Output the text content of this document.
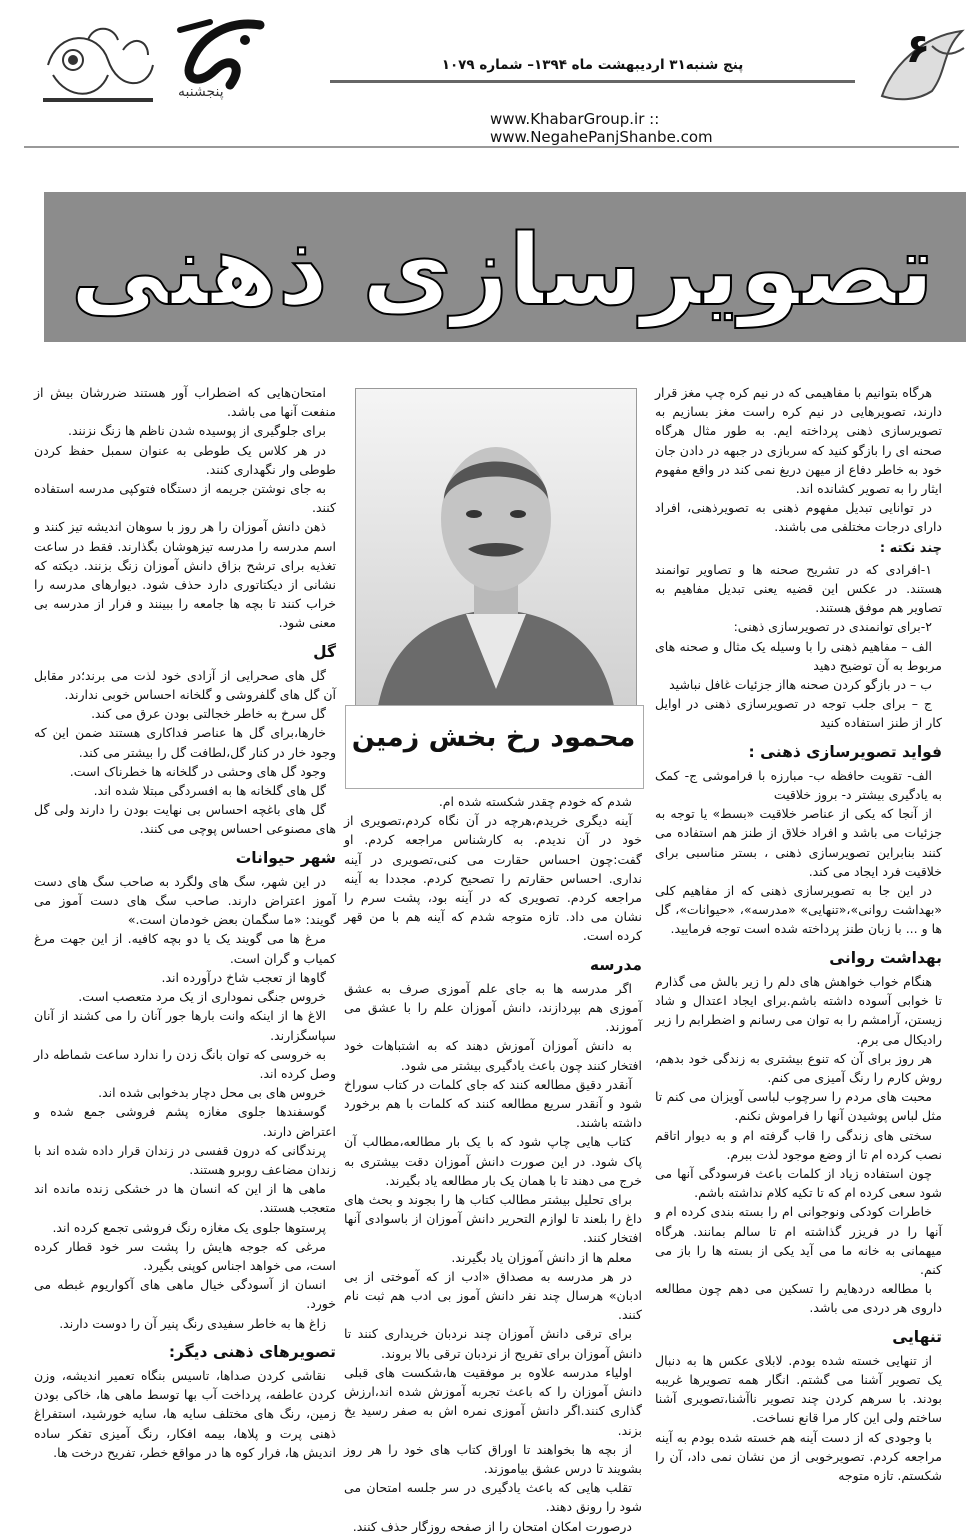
پنجشنبه
پنج شنبه۳۱ اردیبهشت ماه ۱۳۹۴– شماره ۱۰۷۹
www.KhabarGroup.ir :: www.NegahePanjShanbe.com
۶
تصویرسازی ذهنی

هرگاه بتوانیم با مفاهیمی که در نیم کره چپ مغز قرار دارند، تصویرهایی در نیم کره راست مغز بسازیم به تصویرسازی ذهنی پرداخته ایم. به طور مثال هرگاه صحنه ای را بازگو کنید که سربازی در جبهه در دادن جان خود به خاطر دفاع از میهن دریغ نمی کند در واقع مفهوم ایثار را به تصویر کشانده اند.

در توانایی تبدیل مفهوم ذهنی به تصویرذهنی، افراد دارای درجات مختلفی می باشند.

چند نکته :

۱-افرادی که در تشریح صحنه ها و تصاویر توانمند هستند. در عکس این قضیه یعنی تبدیل مفاهیم به تصاویر هم موفق هستند.

۲-برای توانمندی در تصویرسازی ذهنی:

الف – مفاهیم ذهنی را با وسیله یک مثال و صحنه های مربوط به آن توضیح دهید

ب – در بازگو کردن صحنه هااز جزئیات غافل نباشید

ج – برای جلب توجه در تصویرسازی ذهنی در اوایل کار از طنز استفاده کنید

فواید تصویرسازی ذهنی :

الف- تقویت حافظه ب- مبارزه با فراموشی ج- کمک به یادگیری بیشتر د- بروز خلاقیت

از آنجا که یکی از عناصر خلاقیت «بسط» یا توجه به جزئیات می باشد و افراد خلاق از طنز هم استفاده می کنند بنابراین تصویرسازی ذهنی ، بستر مناسبی برای خلاقیت فرد ایجاد می کند.

در این جا به تصویرسازی ذهنی که از مفاهیم کلی «بهداشت روانی»،«تنهایی» «مدرسه»، «حیوانات»، گل ها و ... با زبان طنز پرداخته شده است توجه فرمایید.

بهداشت روانی

هنگام خواب خواهش های دلم را زیر بالش می گذارم تا خوابی آسوده داشته باشم.برای ایجاد اعتدال و شاد زیستن، آرامشم را به توان می رسانم و اضطرابم را زیر رادیکال می برم.

هر روز برای آن که تنوع بیشتری به زندگی خود بدهم، روش کارم را رنگ آمیزی می کنم.

محبت های مردم را سرچوب لباسی آویزان می کنم تا مثل لباس پوشیدن آنها را فراموش نکنم.

سختی های زندگی را قاب گرفته ام و به دیوار اتاقم نصب کرده ام تا از وضع موجود لذت ببرم.

چون استفاده زیاد از کلمات باعث فرسودگی آنها می شود سعی کرده ام که تا تکیه کلام نداشته باشم.

خاطرات کودکی ونوجوانی ام را بسته بندی کرده ام و آنها را در فریزر گذاشته ام تا سالم بمانند. هرگاه میهمانی به خانه ما می آید یکی از بسته ها را باز می کنم.

با مطالعه دردهایم را تسکین می دهم چون مطالعه داروی هر دردی می باشد.

تنهایی

از تنهایی خسته شده بودم. لابلای عکس ها به دنبال یک تصویر آشنا می گشتم. انگار همه تصویرها غریبه بودند. با سرهم کردن چند تصویر ناآشنا،تصویری آشنا ساختم ولی این کار مرا قانع نساخت.

با وجودی که از دست آینه هم خسته شده بودم به آینه مراجعه کردم. تصویرخوبی از من نشان نمی داد، آن را شکستم. تازه متوجه

محمود رخ بخش زمین

شدم که خودم چقدر شکسته شده ام.

آینه دیگری خریدم،هرچه در آن نگاه کردم،تصویری از خود در آن ندیدم. به کارشناس مراجعه کردم. او گفت:چون احساس حقارت می کنی،تصویری در آینه نداری. احساس حقارتم را تصحیح کردم. مجددا به آینه مراجعه کردم. تصویری که در آینه بود، پشت سرم را نشان می داد. تازه متوجه شدم که آینه هم با من قهر کرده است.

مدرسه

اگر مدرسه ها به جای علم آموزی صرف به عشق آموزی هم بپردازند، دانش آموزان علم را با عشق می آموزند.

به دانش آموزان آموزش دهند که به اشتباهات خود افتخار کنند چون باعث یادگیری بیشتر می شود.

آنقدر دقیق مطالعه کنند که جای کلمات در کتاب سوراخ شود و آنقدر سریع مطالعه کنند که کلمات با هم برخورد داشته باشند.

کتاب هایی چاپ شود که با یک بار مطالعه،مطالب آن پاک شود. در این صورت دانش آموزان دقت بیشتری به خرج می دهند تا با همان یک بار مطالعه یاد بگیرند.

برای تحلیل بیشتر مطالب کتاب ها را بجوند و بحث های داغ را بلعند تا لوازم التحریر دانش آموزان از باسوادی آنها افتخار کنند.

معلم ها از دانش آموزان یاد بگیرند.

در هر مدرسه به مصداق «ادب از که آموختی از بی ادبان» هرسال چند نفر دانش آموز بی ادب هم ثبت نام کنند.

برای ترقی دانش آموزان چند نردبان خریداری کنند تا دانش آموزان برای تفریح از نردبان ترقی بالا بروند.

اولیاء مدرسه علاوه بر موفقیت ها،شکست های قبلی دانش آموزان را که باعث تجربه آموزش شده اند،ارزش گذاری کنند.اگر دانش آموزی نمره اش به صفر رسید یخ بزند.

از بچه ها بخواهند تا اوراق کتاب های خود را هر روز بشویند تا درس عشق بیاموزند.

تقلب هایی که باعث یادگیری در سر جلسه امتحان می شود را رونق دهند.

درصورت امکان امتحان را از صفحه روزگار حذف کنند.

امتحان‌هایی که اضطراب آور هستند ضررشان بیش از منفعت آنها می باشد.

برای جلوگیری از پوسیده شدن ناظم ها زنگ نزنند.

در هر کلاس یک طوطی به عنوان سمبل حفظ کردن طوطی وار نگهداری کنند.

به جای نوشتن جریمه از دستگاه فتوکپی مدرسه استفاده کنند.

ذهن دانش آموزان را هر روز با سوهان اندیشه تیز کنند و اسم مدرسه را مدرسه تیزهوشان بگذارند. فقط در ساعت تغذیه برای ترشح بزاق دانش آموزان زنگ بزنند. دیکته که نشانی از دیکتاتوری دارد حذف شود. دیوارهای مدرسه را خراب کنند تا بچه ها جامعه را ببینند و فرار از مدرسه بی معنی شود.

گل

گل های صحرایی از آزادی خود لذت می برند؛در مقابل آن گل های گلفروشی و گلخانه احساس خوبی ندارند.

گل سرخ به خاطر خجالتی بودن عرق می کند.

خارها،برای گل ها عناصر فداکاری هستند ضمن این که وجود خار در کنار گل،لطافت گل را بیشتر می کند.

وجود گل های وحشی در گلخانه ها خطرناک است.

گل های گلخانه ها به افسردگی مبتلا شده اند.

گل های باغچه احساس بی نهایت بودن را دارند ولی گل های مصنوعی احساس پوچی می کنند.

شهر حیوانات

در این شهر، سگ های ولگرد به صاحب سگ های دست آموز اعتراض دارند. صاحب سگ های دست آموز می گویند: «ما سگمان بعض خودمان است.»

مرغ ها می گویند یک یا دو بچه کافیه. از این جهت مرغ کمیاب و گران است.

گاوها از تعجب شاخ درآورده اند.

خروس جنگی نمو‌داری از یک مرد متعصب است.

الاغ ها از اینکه وانت بارها جور آنان را می کشند از آنان سپاسگزارند.

به خروسی که توان بانگ زدن را ندارد ساعت شماطه دار وصل کرده اند.

خروس های بی محل دچار بدخوابی شده اند.

گوسفندها جلوی مغازه پشم فروشی جمع شده و اعتراض دارند.

پرندگانی که درون قفسی در زندان قرار داده شده اند با زندان مضاعف روبرو هستند.

ماهی ها از این که انسان ها در خشکی زنده مانده اند متعجب هستند.

پرستوها جلوی یک مغازه رنگ فروشی تجمع کرده اند.

مرغی که جوجه هایش را پشت سر خود قطار کرده است، می خواهد اجناس کوپنی بگیرد.

انسان از آسودگی خیال ماهی های آکواریوم غبطه می خورد.

زاغ ها به خاطر سفیدی رنگ پنیر آن را دوست دارند.

تصویرهای ذهنی دیگر:

نقاشی کردن صداها، تاسیس بنگاه تعمیر اندیشه، وزن کردن عاطفه، پرداخت آب بها توسط ماهی ها، خاکی بودن زمین، رنگ های مختلف سایه ها، سایه خورشید، استفراغ ذهنی پرت و پلاها، بیمه افکار، رنگ آمیزی تفکر ساده اندیش ها، فرار کوه ها در مواقع خطر، تفریح درخت ها.
